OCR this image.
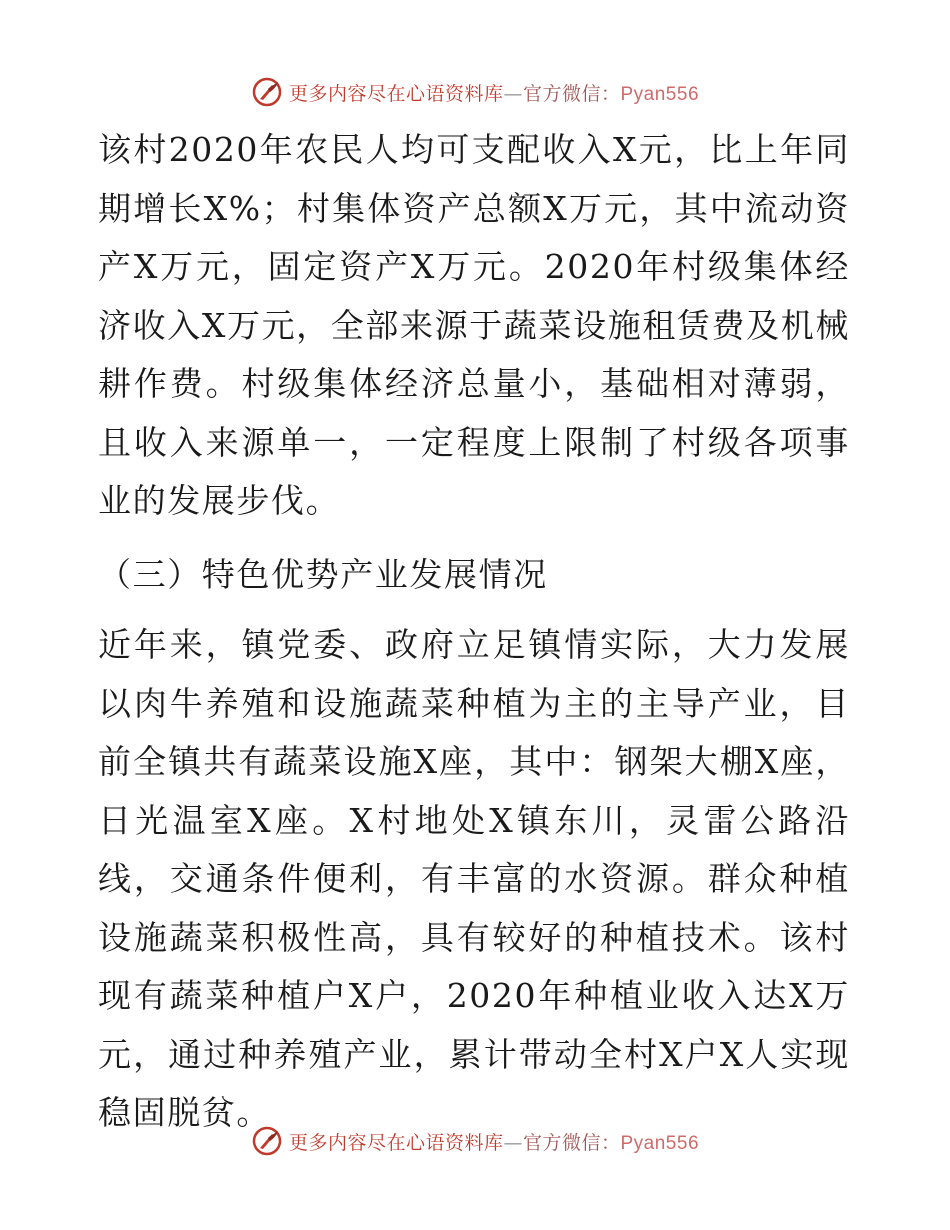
更多内容尽在心语资料库—官方微信：Pyan556

该村2020年农民人均可支配收入X元，比上年同期增长X%；村集体资产总额X万元，其中流动资产X万元，固定资产X万元。2020年村级集体经济收入X万元，全部来源于蔬菜设施租赁费及机械耕作费。村级集体经济总量小，基础相对薄弱，且收入来源单一，一定程度上限制了村级各项事业的发展步伐。

（三）特色优势产业发展情况

近年来，镇党委、政府立足镇情实际，大力发展以肉牛养殖和设施蔬菜种植为主的主导产业，目前全镇共有蔬菜设施X座，其中：钢架大棚X座，日光温室X座。X村地处X镇东川，灵雷公路沿线，交通条件便利，有丰富的水资源。群众种植设施蔬菜积极性高，具有较好的种植技术。该村现有蔬菜种植户X户，2020年种植业收入达X万元，通过种养殖产业，累计带动全村X户X人实现稳固脱贫。

更多内容尽在心语资料库—官方微信：Pyan556
